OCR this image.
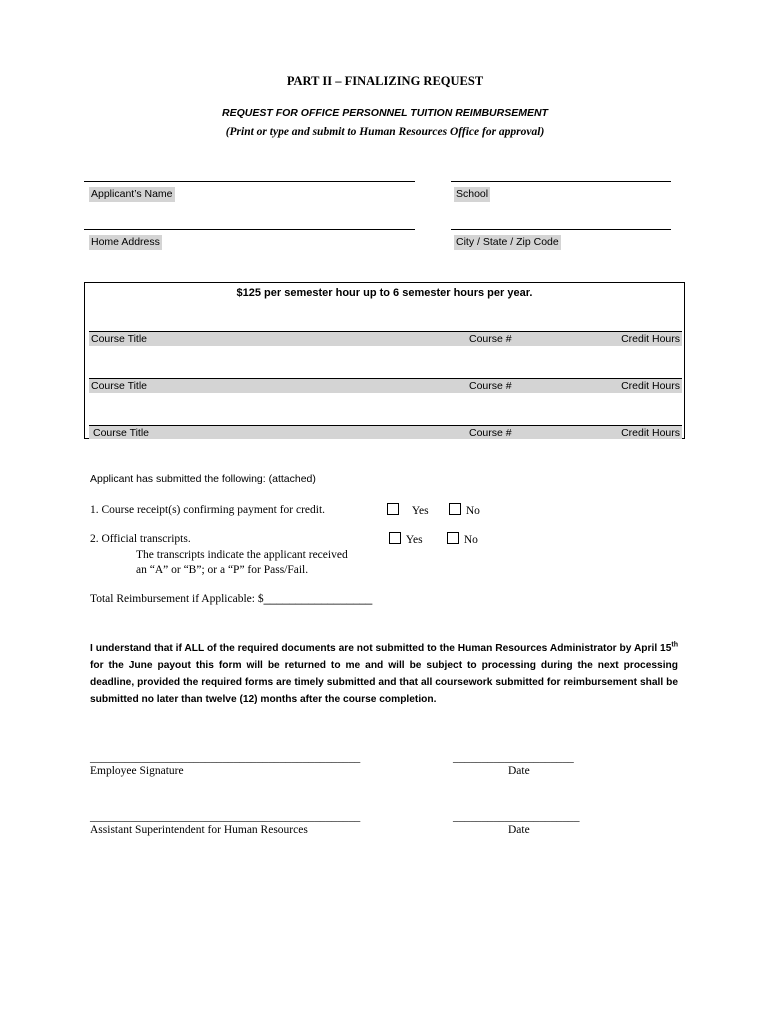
PART II – FINALIZING REQUEST
REQUEST FOR OFFICE PERSONNEL TUITION REIMBURSEMENT
(Print or type and submit to Human Resources Office for approval)
Applicant’s Name	School
Home Address	City / State / Zip Code
$125 per semester hour up to 6 semester hours per year.
Course Title	Course #	Credit Hours
Course Title	Course #	Credit Hours
Course Title	Course #	Credit Hours
Applicant has submitted the following: (attached)
1. Course receipt(s) confirming payment for credit.	Yes	No
2. Official transcripts.	Yes	No
The transcripts indicate the applicant received
an “A” or “B”; or a “P” for Pass/Fail.
Total Reimbursement if Applicable: $_________________
I understand that if ALL of the required documents are not submitted to the Human Resources Administrator by April 15th for the June payout this form will be returned to me and will be subject to processing during the next processing deadline, provided the required forms are timely submitted and that all coursework submitted for reimbursement shall be submitted no later than twelve (12) months after the course completion.
_______________________________________________
Employee Signature
_____________________
Date
_______________________________________________
Assistant Superintendent for Human Resources
______________________
Date
